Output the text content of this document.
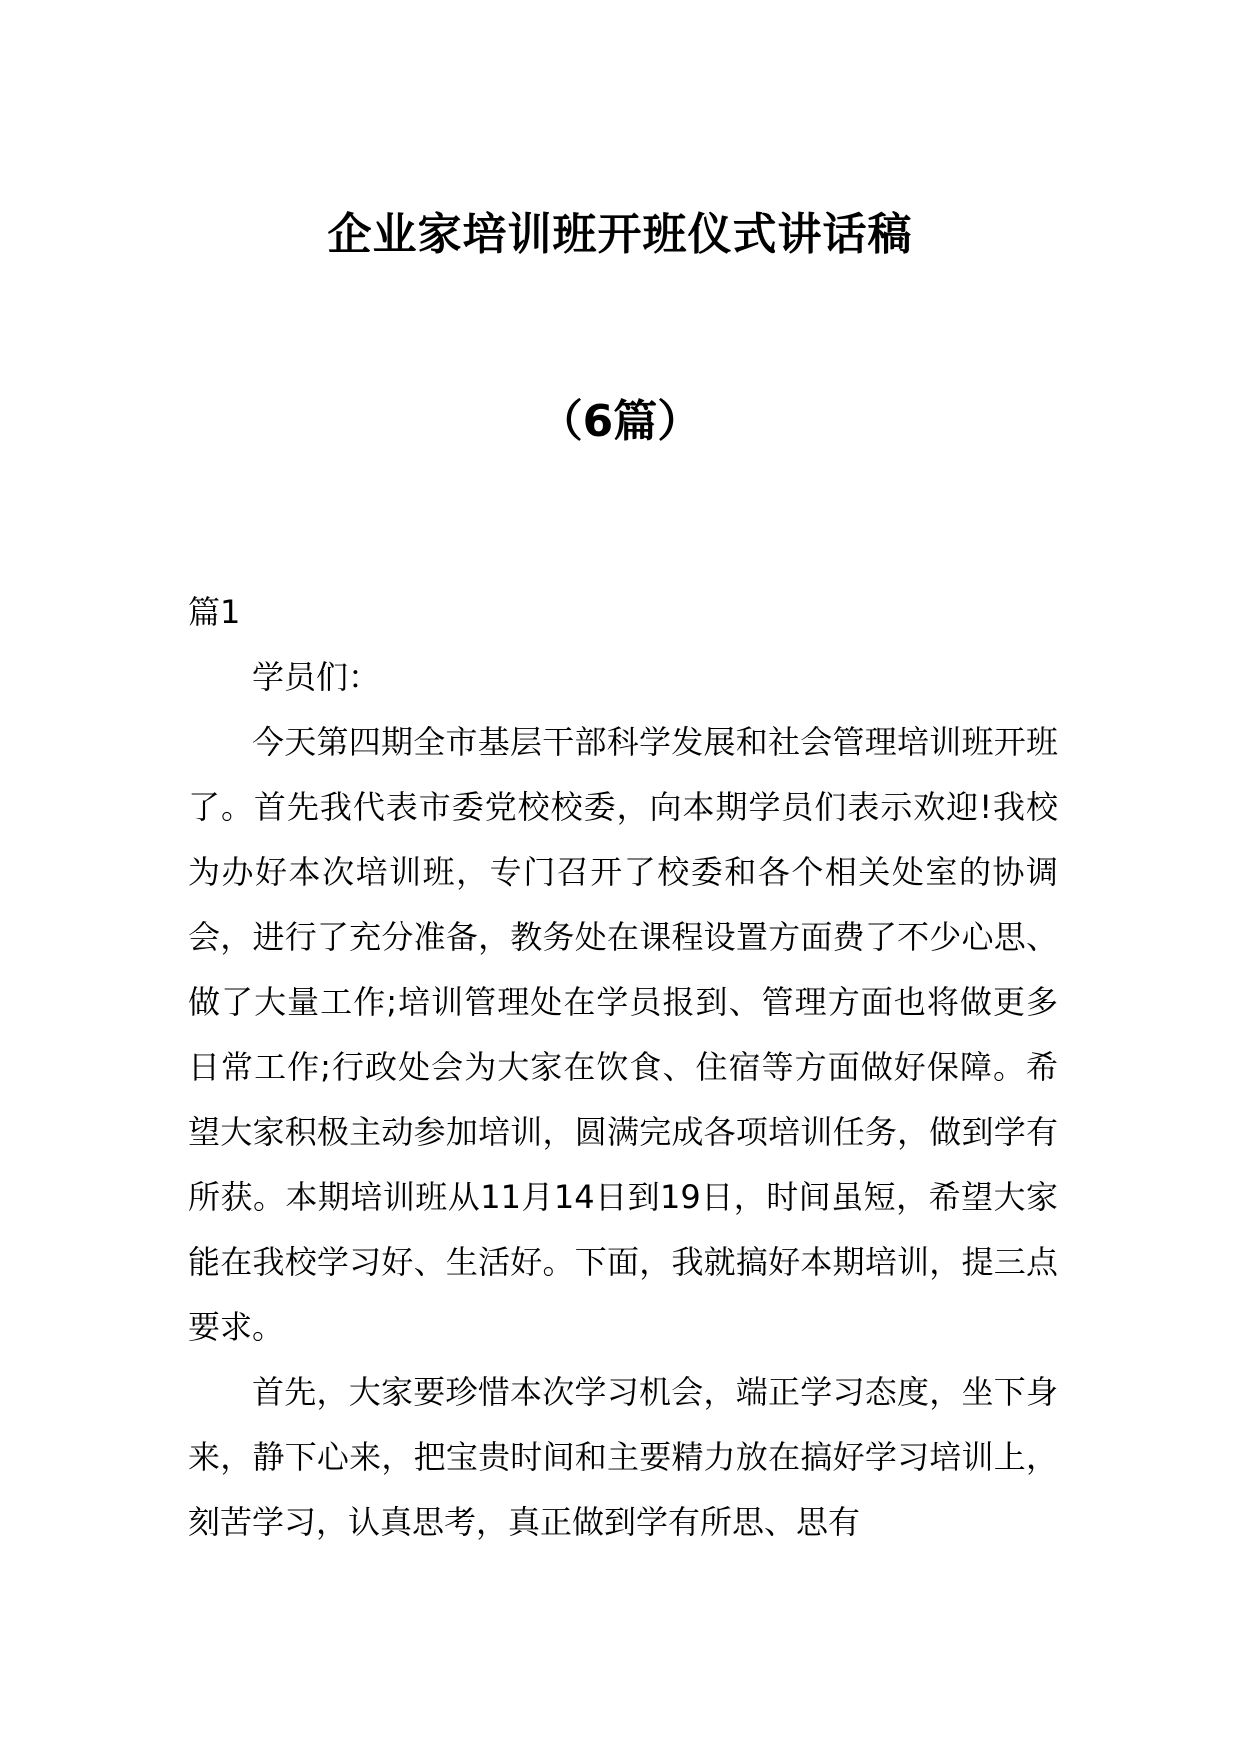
企业家培训班开班仪式讲话稿
（6篇）

篇1

学员们：

今天第四期全市基层干部科学发展和社会管理培训班开班了。首先我代表市委党校校委，向本期学员们表示欢迎!我校为办好本次培训班，专门召开了校委和各个相关处室的协调会，进行了充分准备，教务处在课程设置方面费了不少心思、做了大量工作;培训管理处在学员报到、管理方面也将做更多日常工作;行政处会为大家在饮食、住宿等方面做好保障。希望大家积极主动参加培训，圆满完成各项培训任务，做到学有所获。本期培训班从11月14日到19日，时间虽短，希望大家能在我校学习好、生活好。下面，我就搞好本期培训，提三点要求。

首先，大家要珍惜本次学习机会，端正学习态度，坐下身来，静下心来，把宝贵时间和主要精力放在搞好学习培训上，刻苦学习，认真思考，真正做到学有所思、思有
